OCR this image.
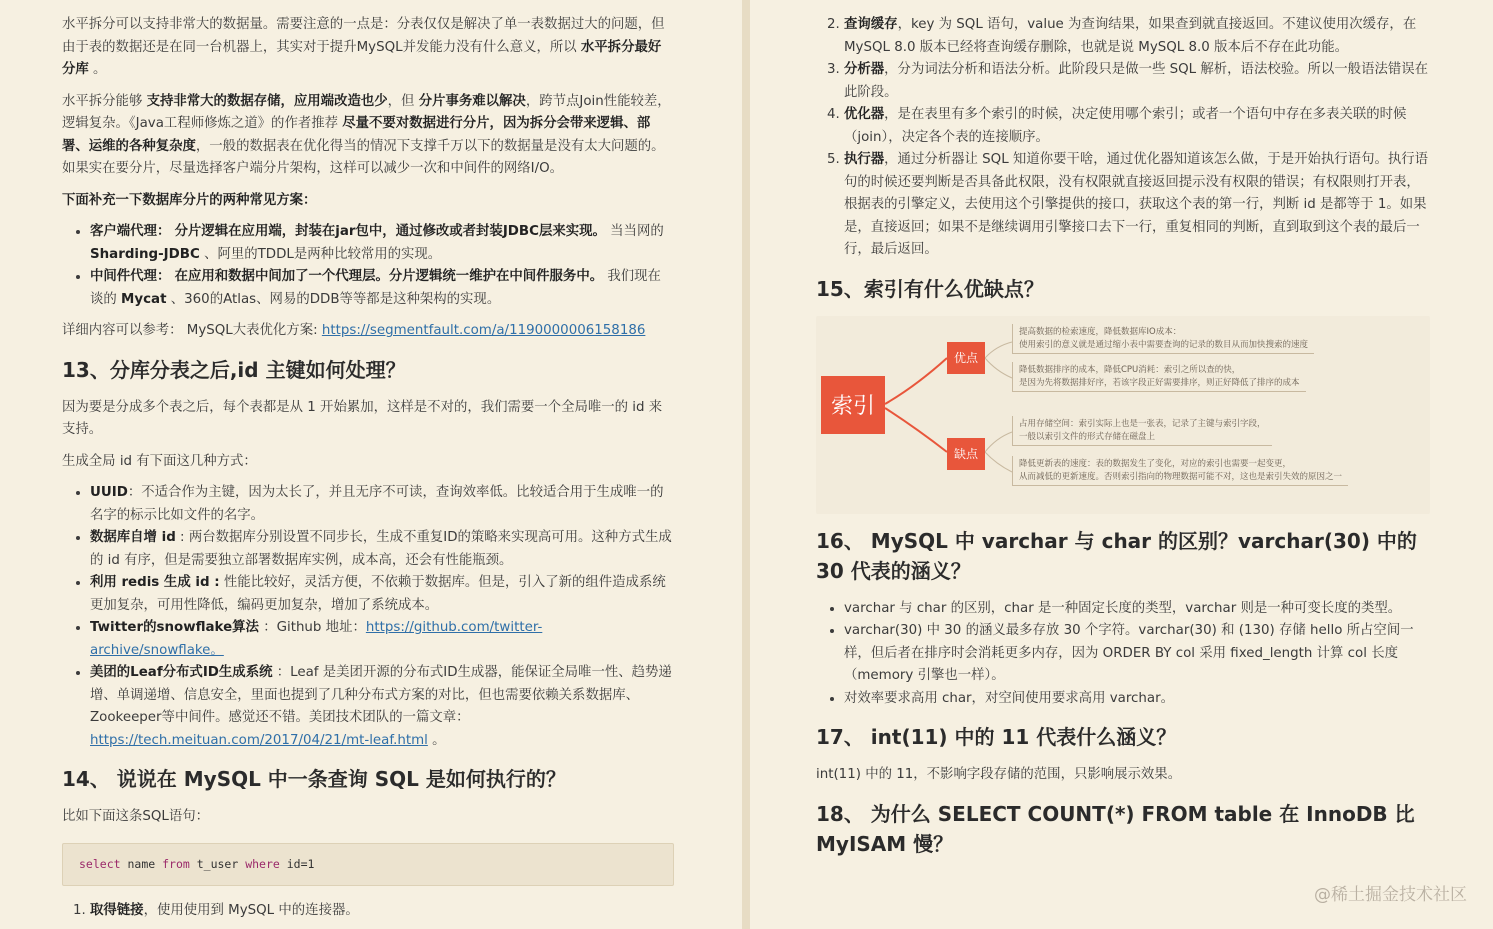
水平拆分可以支持非常大的数据量。需要注意的一点是：分表仅仅是解决了单一表数据过大的问题，但由于表的数据还是在同一台机器上，其实对于提升MySQL并发能力没有什么意义，所以 水平拆分最好分库 。

水平拆分能够 支持非常大的数据存储，应用端改造也少，但 分片事务难以解决，跨节点Join性能较差，逻辑复杂。《Java工程师修炼之道》的作者推荐 尽量不要对数据进行分片，因为拆分会带来逻辑、部署、运维的各种复杂度，一般的数据表在优化得当的情况下支撑千万以下的数据量是没有太大问题的。如果实在要分片，尽量选择客户端分片架构，这样可以减少一次和中间件的网络I/O。

下面补充一下数据库分片的两种常见方案：

• 客户端代理： 分片逻辑在应用端，封装在jar包中，通过修改或者封装JDBC层来实现。 当当网的 Sharding-JDBC 、阿里的TDDL是两种比较常用的实现。
• 中间件代理： 在应用和数据中间加了一个代理层。分片逻辑统一维护在中间件服务中。 我们现在谈的 Mycat 、360的Atlas、网易的DDB等等都是这种架构的实现。

详细内容可以参考： MySQL大表优化方案: https://segmentfault.com/a/1190000006158186

13、分库分表之后,id 主键如何处理？

因为要是分成多个表之后，每个表都是从 1 开始累加，这样是不对的，我们需要一个全局唯一的 id 来支持。

生成全局 id 有下面这几种方式：

• UUID：不适合作为主键，因为太长了，并且无序不可读，查询效率低。比较适合用于生成唯一的名字的标示比如文件的名字。
• 数据库自增 id : 两台数据库分别设置不同步长，生成不重复ID的策略来实现高可用。这种方式生成的 id 有序，但是需要独立部署数据库实例，成本高，还会有性能瓶颈。
• 利用 redis 生成 id : 性能比较好，灵活方便，不依赖于数据库。但是，引入了新的组件造成系统更加复杂，可用性降低，编码更加复杂，增加了系统成本。
• Twitter的snowflake算法 ：Github 地址：https://github.com/twitter-archive/snowflake。
• 美团的Leaf分布式ID生成系统 ：Leaf 是美团开源的分布式ID生成器，能保证全局唯一性、趋势递增、单调递增、信息安全，里面也提到了几种分布式方案的对比，但也需要依赖关系数据库、Zookeeper等中间件。感觉还不错。美团技术团队的一篇文章：https://tech.meituan.com/2017/04/21/mt-leaf.html 。
14、 说说在 MySQL 中一条查询 SQL 是如何执行的？

比如下面这条SQL语句：

select name from t_user where id=1
1. 取得链接，使用使用到 MySQL 中的连接器。
2. 查询缓存，key 为 SQL 语句，value 为查询结果，如果查到就直接返回。不建议使用次缓存，在 MySQL 8.0 版本已经将查询缓存删除，也就是说 MySQL 8.0 版本后不存在此功能。
3. 分析器，分为词法分析和语法分析。此阶段只是做一些 SQL 解析，语法校验。所以一般语法错误在此阶段。
4. 优化器，是在表里有多个索引的时候，决定使用哪个索引；或者一个语句中存在多表关联的时候（join），决定各个表的连接顺序。
5. 执行器，通过分析器让 SQL 知道你要干啥，通过优化器知道该怎么做，于是开始执行语句。执行语句的时候还要判断是否具备此权限，没有权限就直接返回提示没有权限的错误；有权限则打开表，根据表的引擎定义，去使用这个引擎提供的接口，获取这个表的第一行，判断 id 是都等于 1。如果是，直接返回；如果不是继续调用引擎接口去下一行，重复相同的判断，直到取到这个表的最后一行，最后返回。
15、索引有什么优缺点？
索引
优点
缺点
提高数据的检索速度，降低数据库IO成本：
使用索引的意义就是通过缩小表中需要查询的记录的数目从而加快搜索的速度
降低数据排序的成本，降低CPU消耗：索引之所以查的快，
是因为先将数据排好序，若该字段正好需要排序，则正好降低了排序的成本
占用存储空间：索引实际上也是一张表，记录了主键与索引字段，
一般以索引文件的形式存储在磁盘上
降低更新表的速度：表的数据发生了变化，对应的索引也需要一起变更，
从而减低的更新速度。否则索引指向的物理数据可能不对，这也是索引失效的原因之一
16、 MySQL 中 varchar 与 char 的区别？varchar(30) 中的 30 代表的涵义？
• varchar 与 char 的区别，char 是一种固定长度的类型，varchar 则是一种可变长度的类型。
• varchar(30) 中 30 的涵义最多存放 30 个字符。varchar(30) 和 (130) 存储 hello 所占空间一样，但后者在排序时会消耗更多内存，因为 ORDER BY col 采用 fixed_length 计算 col 长度（memory 引擎也一样）。
• 对效率要求高用 char，对空间使用要求高用 varchar。
17、 int(11) 中的 11 代表什么涵义？

int(11) 中的 11，不影响字段存储的范围，只影响展示效果。

18、 为什么 SELECT COUNT(*) FROM table 在 InnoDB 比 MyISAM 慢？
@稀土掘金技术社区
